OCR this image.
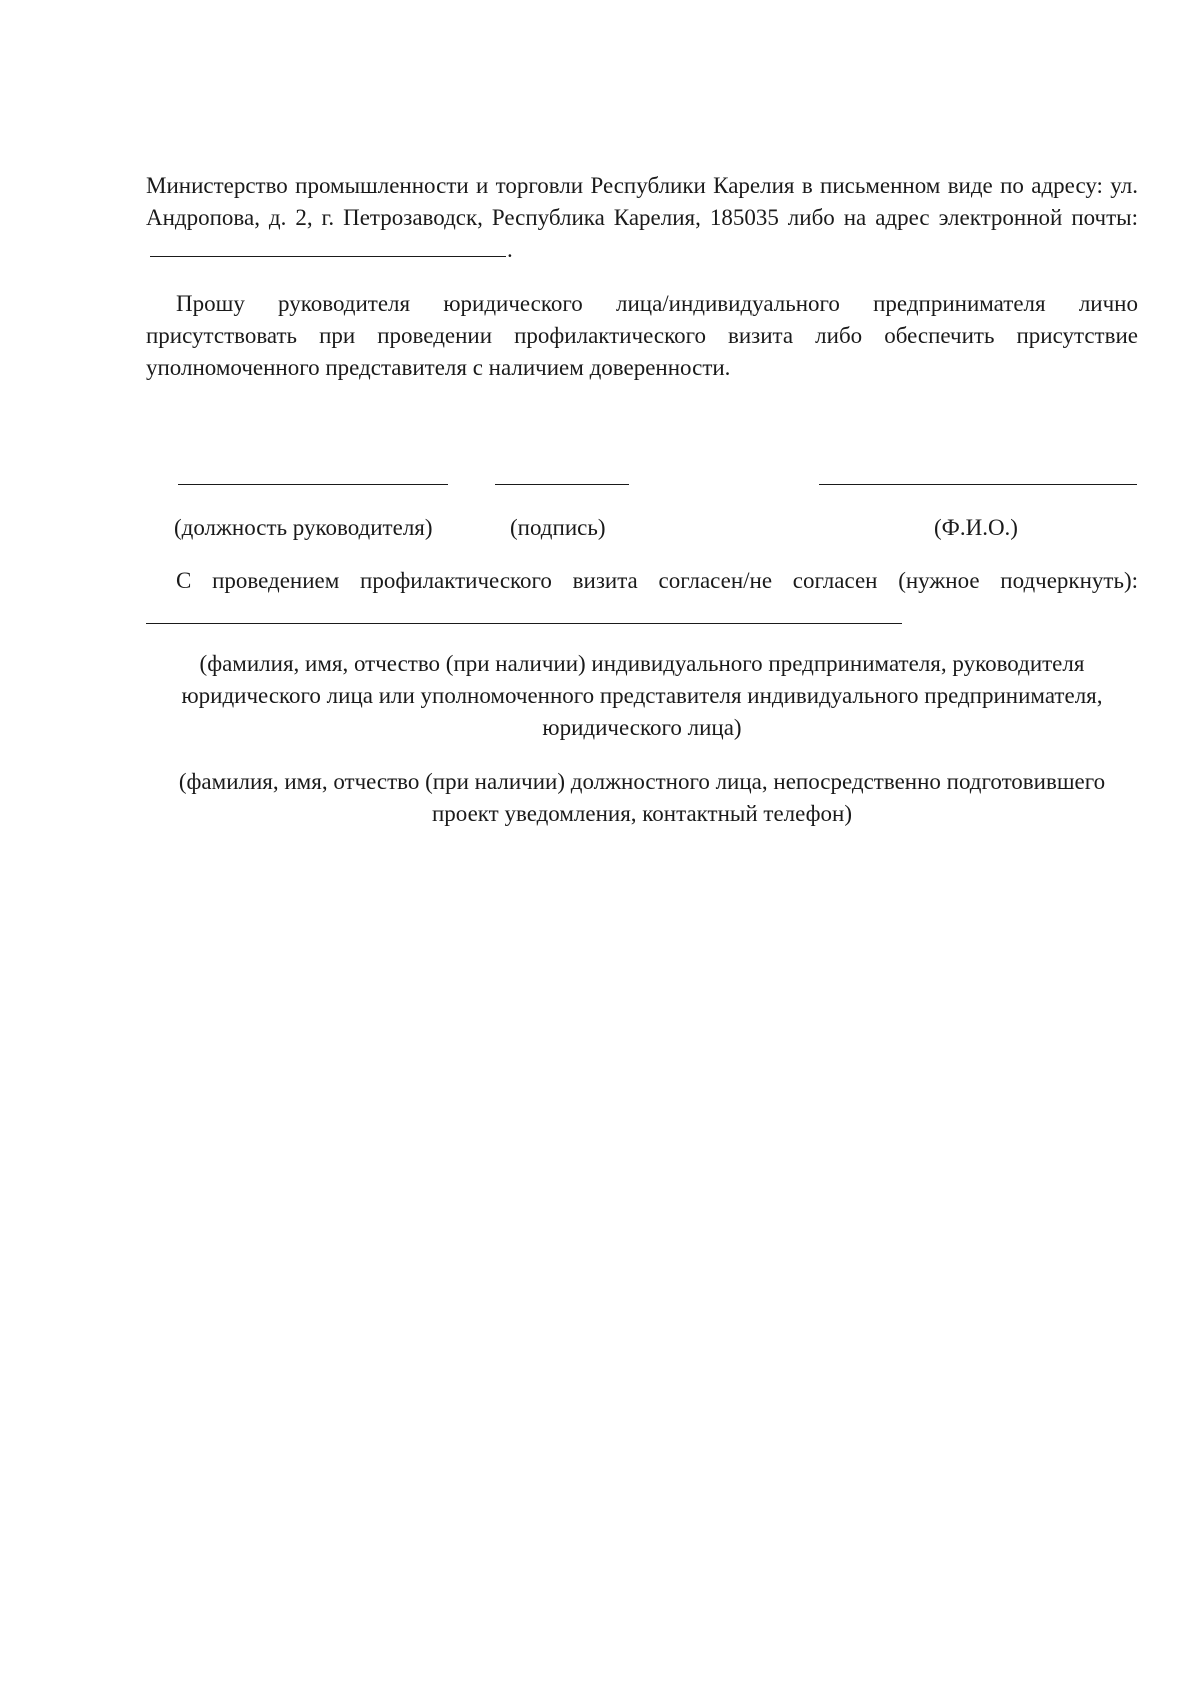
Министерство промышленности и торговли Республики Карелия в письменном виде по адресу: ул. Андропова, д. 2, г. Петрозаводск, Республика Карелия, 185035 либо на адрес электронной почты:.

Прошу руководителя юридического лица/индивидуального предпринимателя лично присутствовать при проведении профилактического визита либо обеспечить присутствие уполномоченного представителя с наличием доверенности.

(должность руководителя)	(подпись)	(Ф.И.О.)

С проведением профилактического визита согласен/не согласен (нужное подчеркнуть):

(фамилия, имя, отчество (при наличии) индивидуального предпринимателя, руководителя юридического лица или уполномоченного представителя индивидуального предпринимателя, юридического лица)

(фамилия, имя, отчество (при наличии) должностного лица, непосредственно подготовившего проект уведомления, контактный телефон)
